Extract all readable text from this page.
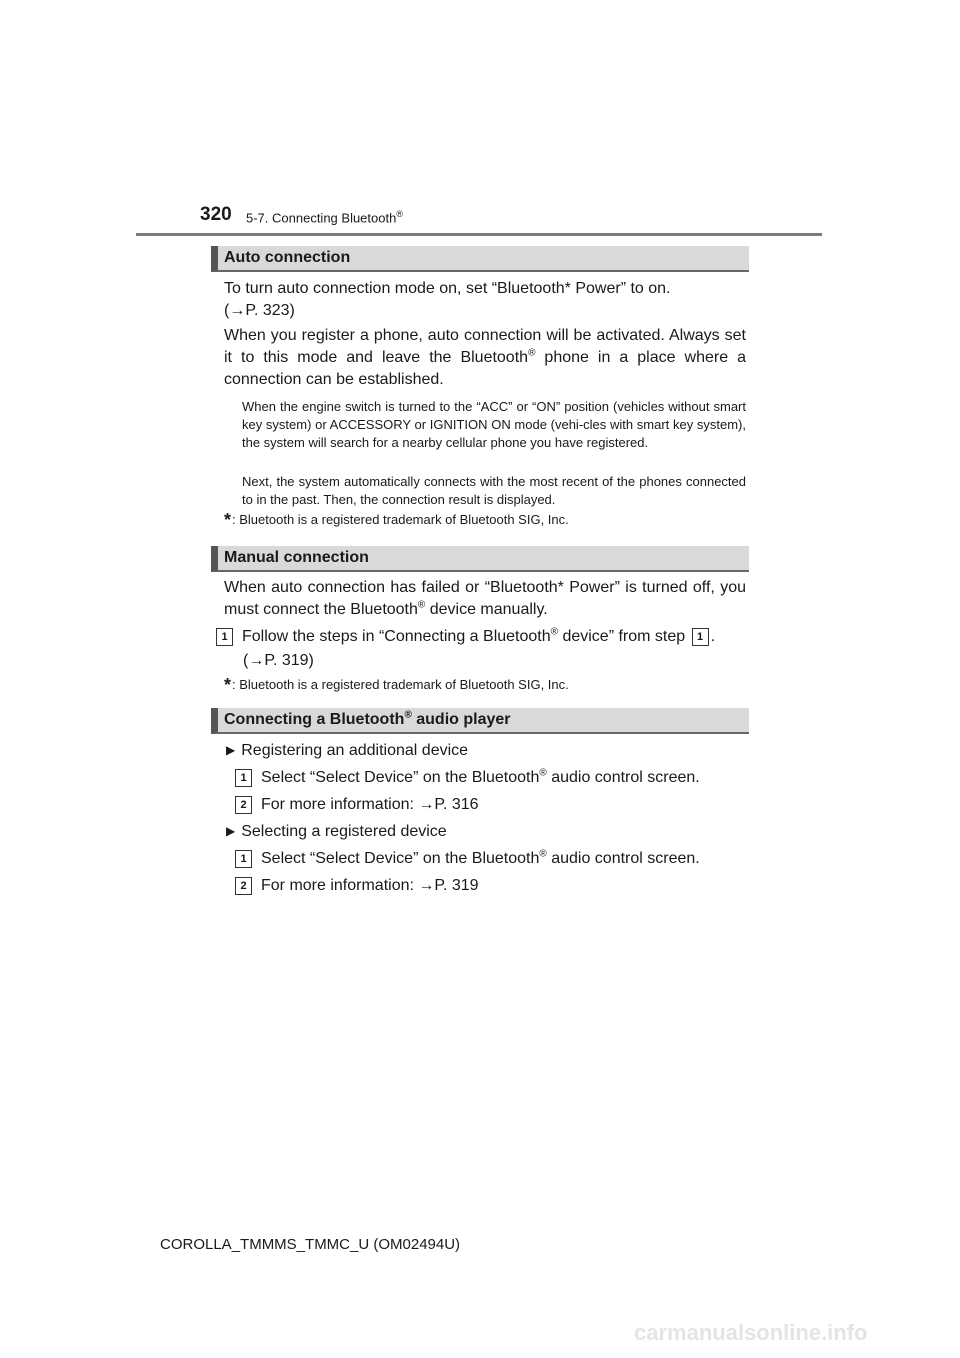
320 5-7. Connecting Bluetooth®
Auto connection
To turn auto connection mode on, set “Bluetooth* Power” to on.
(→P. 323)
When you register a phone, auto connection will be activated. Always set it to this mode and leave the Bluetooth® phone in a place where a connection can be established.
When the engine switch is turned to the “ACC” or “ON” position (vehicles without smart key system) or ACCESSORY or IGNITION ON mode (vehi-cles with smart key system), the system will search for a nearby cellular phone you have registered.
Next, the system automatically connects with the most recent of the phones connected to in the past. Then, the connection result is displayed.
*: Bluetooth is a registered trademark of Bluetooth SIG, Inc.
Manual connection
When auto connection has failed or “Bluetooth* Power” is turned off, you must connect the Bluetooth® device manually.
1 Follow the steps in “Connecting a Bluetooth® device” from step 1 .
(→P. 319)
*: Bluetooth is a registered trademark of Bluetooth SIG, Inc.
Connecting a Bluetooth® audio player
▶ Registering an additional device
1 Select “Select Device” on the Bluetooth® audio control screen.
2 For more information: →P. 316
▶ Selecting a registered device
1 Select “Select Device” on the Bluetooth® audio control screen.
2 For more information: →P. 319
COROLLA_TMMMS_TMMC_U (OM02494U)
carmanualsonline.info
